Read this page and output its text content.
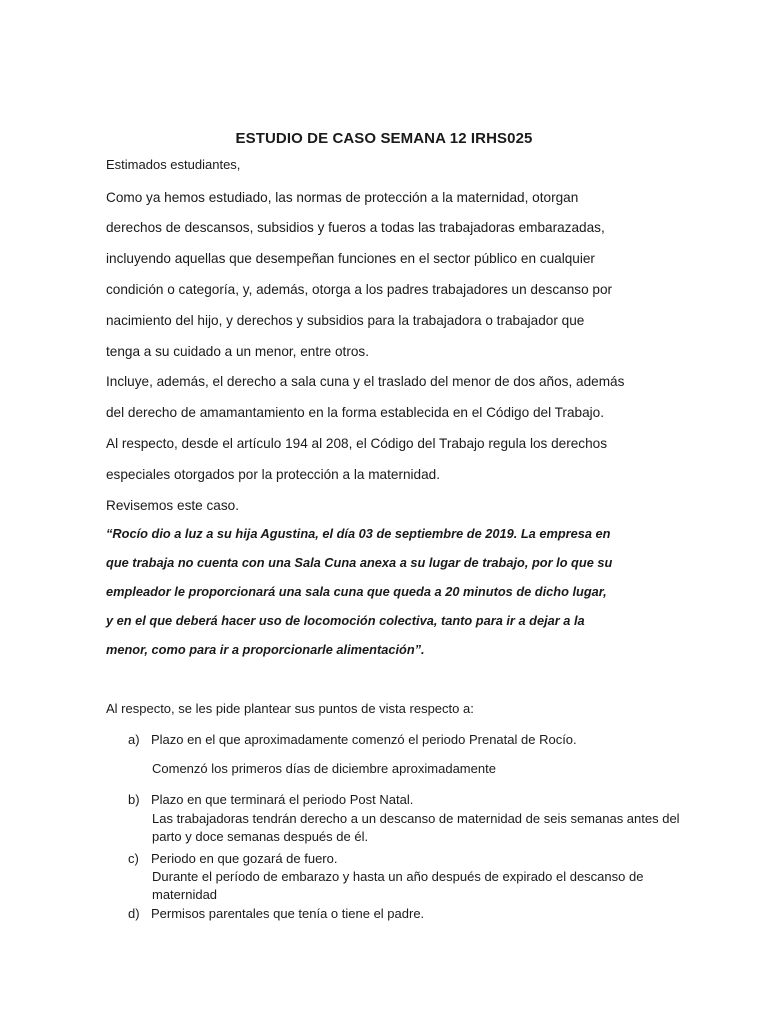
ESTUDIO DE CASO SEMANA 12 IRHS025
Estimados estudiantes,
Como ya hemos estudiado, las normas de protección a la maternidad, otorgan
derechos de descansos, subsidios y fueros a todas las trabajadoras embarazadas,
incluyendo aquellas que desempeñan funciones en el sector público en cualquier
condición o categoría, y, además, otorga a los padres trabajadores un descanso por
nacimiento del hijo, y derechos y subsidios para la trabajadora o trabajador que
tenga a su cuidado a un menor, entre otros.
Incluye, además, el derecho a sala cuna y el traslado del menor de dos años, además
del derecho de amamantamiento en la forma establecida en el Código del Trabajo.
Al respecto, desde el artículo 194 al 208, el Código del Trabajo regula los derechos
especiales otorgados por la protección a la maternidad.
Revisemos este caso.
“Rocío dio a luz a su hija Agustina, el día 03 de septiembre de 2019. La empresa en
que trabaja no cuenta con una Sala Cuna anexa a su lugar de trabajo, por lo que su
empleador le proporcionará una sala cuna que queda a 20 minutos de dicho lugar,
y en el que deberá hacer uso de locomoción colectiva, tanto para ir a dejar a la
menor, como para ir a proporcionarle alimentación”.
Al respecto, se les pide plantear sus puntos de vista respecto a:
a) Plazo en el que aproximadamente comenzó el periodo Prenatal de Rocío.
Comenzó los primeros días de diciembre aproximadamente
b) Plazo en que terminará el periodo Post Natal.
Las trabajadoras tendrán derecho a un descanso de maternidad de seis semanas antes del
parto y doce semanas después de él.
c) Periodo en que gozará de fuero.
Durante el período de embarazo y hasta un año después de expirado el descanso de
maternidad
d) Permisos parentales que tenía o tiene el padre.
